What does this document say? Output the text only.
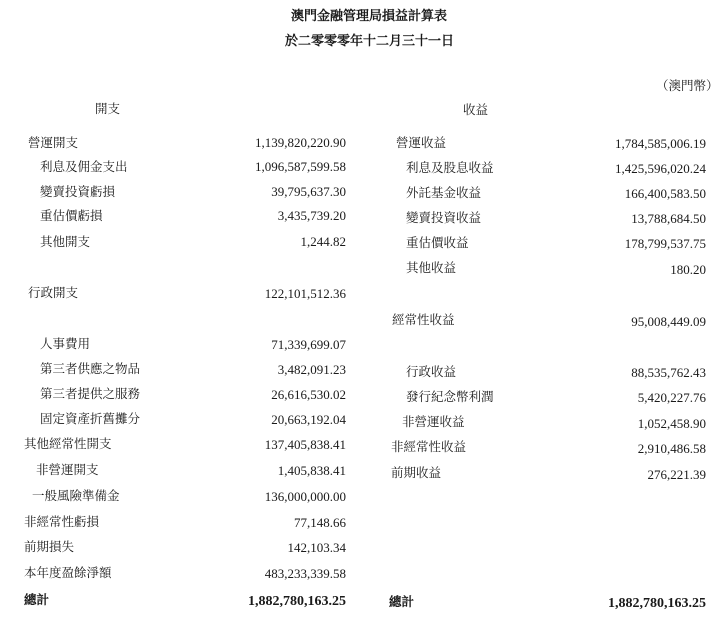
澳門金融管理局損益計算表
於二零零零年十二月三十一日
（澳門幣）
開支
營運開支	1,139,820,220.90
利息及佣金支出	1,096,587,599.58
變賣投資虧損	39,795,637.30
重估價虧損	3,435,739.20
其他開支	1,244.82
行政開支	122,101,512.36
人事費用	71,339,699.07
第三者供應之物品	3,482,091.23
第三者提供之服務	26,616,530.02
固定資產折舊攤分	20,663,192.04
其他經常性開支	137,405,838.41
非營運開支	1,405,838.41
一般風險準備金	136,000,000.00
非經常性虧損	77,148.66
前期損失	142,103.34
本年度盈餘淨額	483,233,339.58
總計	1,882,780,163.25
收益
營運收益	1,784,585,006.19
利息及股息收益	1,425,596,020.24
外託基金收益	166,400,583.50
變賣投資收益	13,788,684.50
重估價收益	178,799,537.75
其他收益	180.20
經常性收益	95,008,449.09
行政收益	88,535,762.43
發行紀念幣利潤	5,420,227.76
非營運收益	1,052,458.90
非經常性收益	2,910,486.58
前期收益	276,221.39
總計	1,882,780,163.25
